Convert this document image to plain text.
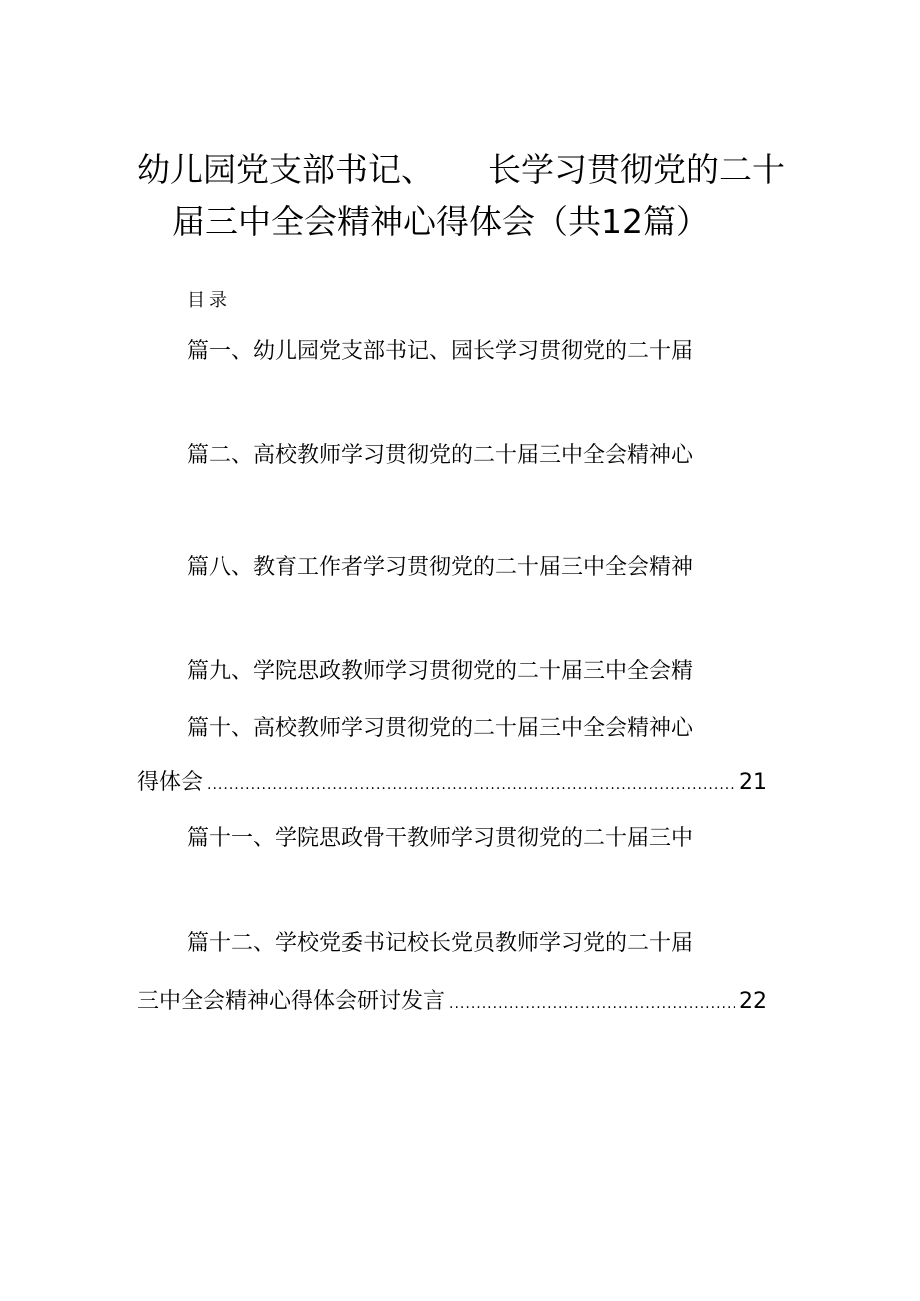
幼儿园党支部书记、 长学习贯彻党的二十
届三中全会精神心得体会（共12篇）
目录
篇一、幼儿园党支部书记、园长学习贯彻党的二十届
篇二、高校教师学习贯彻党的二十届三中全会精神心
篇八、教育工作者学习贯彻党的二十届三中全会精神
篇九、学院思政教师学习贯彻党的二十届三中全会精
篇十、高校教师学习贯彻党的二十届三中全会精神心
得体会 .....	21
篇十一、学院思政骨干教师学习贯彻党的二十届三中
篇十二、学校党委书记校长党员教师学习党的二十届
三中全会精神心得体会研讨发言 .....	22
